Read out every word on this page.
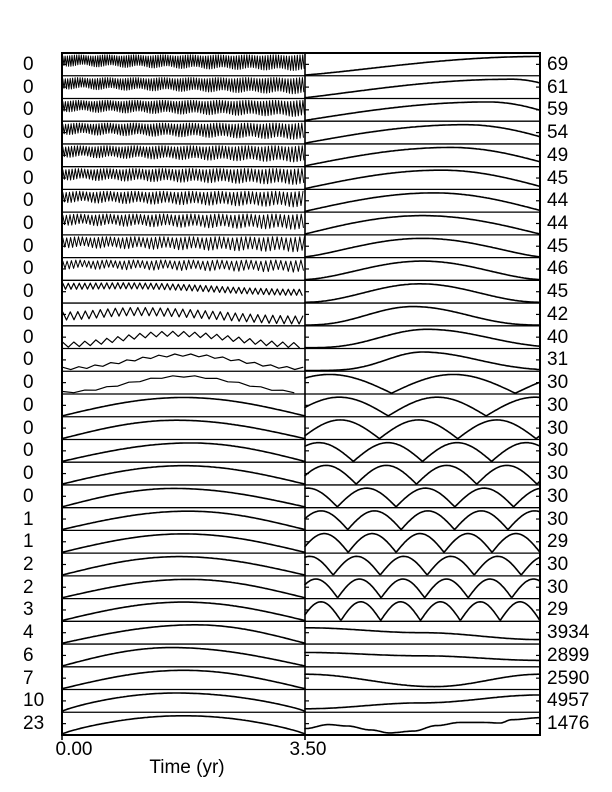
0
0
0
0
0
0
0
0
0
0
0
0
0
0
0
0
0
0
0
0
1
1
2
2
3
4
6
7
10
23
69
61
59
54
49
45
44
44
45
46
45
42
40
31
30
30
30
30
30
30
30
29
30
30
29
3934
2899
2590
4957
1476
0.00	3.50
Time (yr)
